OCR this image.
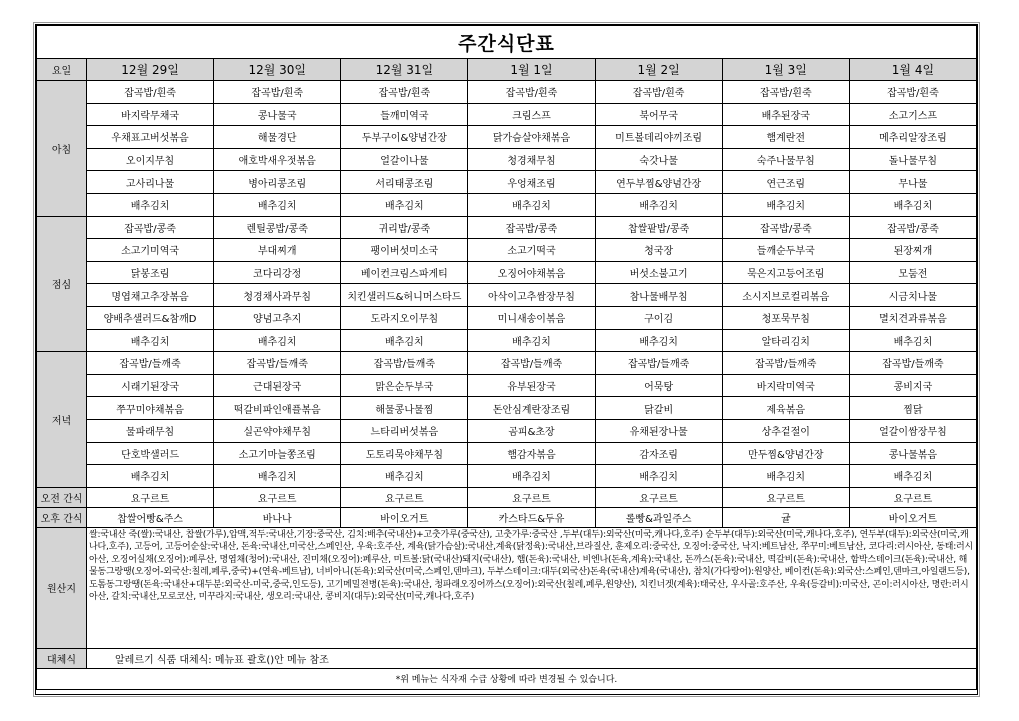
주간식단표							
요일	12월 29일	12월 30일	12월 31일	1월 1일	1월 2일	1월 3일	1월 4일
아침	잡곡밥/흰죽	잡곡밥/흰죽	잡곡밥/흰죽	잡곡밥/흰죽	잡곡밥/흰죽	잡곡밥/흰죽	잡곡밥/흰죽
	바지락무채국	콩나물국	들깨미역국	크림스프	북어무국	배추된장국	소고기스프
	우채표고버섯볶음	해물경단	두부구이&양념간장	닭가슴살야채볶음	미트볼데리야끼조림	햄계란전	메추리알장조림
	오이지무침	애호박새우젓볶음	얼갈이나물	청경채무침	숙갓나물	숙주나물무침	돌나물무침
	고사리나물	병아리콩조림	서리태콩조림	우엉채조림	연두부찜&양념간장	연근조림	무나물
	배추김치	배추김치	배추김치	배추김치	배추김치	배추김치	배추김치
점심	잡곡밥/콩죽	렌틸콩밥/콩죽	귀리밥/콩죽	잡곡밥/콩죽	찹쌀팥밥/콩죽	잡곡밥/콩죽	잡곡밥/콩죽
	소고기미역국	부대찌개	팽이버섯미소국	소고기떡국	청국장	들깨순두부국	된장찌개
	닭봉조림	코다리강정	베이컨크림스파게티	오징어야채볶음	버섯소불고기	묵은지고등어조림	모둠전
	명엽채고추장볶음	청경채사과무침	치킨샐러드&허니머스타드	아삭이고추쌈장무침	참나물배무침	소시지브로컬리볶음	시금치나물
	양배추샐러드&참깨D	양념고추지	도라지오이무침	미니새송이볶음	구이김	청포묵무침	멸치견과류볶음
	배추김치	배추김치	배추김치	배추김치	배추김치	알타리김치	배추김치
저녁	잡곡밥/들깨죽	잡곡밥/들깨죽	잡곡밥/들깨죽	잡곡밥/들깨죽	잡곡밥/들깨죽	잡곡밥/들깨죽	잡곡밥/들깨죽
	시래기된장국	근대된장국	맑은순두부국	유부된장국	어묵탕	바지락미역국	콩비지국
	쭈꾸미야채볶음	떡갈비파인애플볶음	해물콩나물찜	돈안심계란장조림	닭갈비	제육볶음	찜닭
	물파래무침	실곤약야채무침	느타리버섯볶음	곰피&초장	유채된장나물	상추겉절이	얼갈이쌈장무침
	단호박샐러드	소고기마늘쫑조림	도토리묵야채무침	햄감자볶음	감자조림	만두찜&양념간장	콩나물볶음
	배추김치	배추김치	배추김치	배추김치	배추김치	배추김치	배추김치
오전 간식	요구르트	요구르트	요구르트	요구르트	요구르트	요구르트	요구르트
오후 간식	찹쌀어빵&주스	바나나	바이오거트	카스타드&두유	롤빵&과일주스	귤	바이오거트
원산지	쌀:국내산 죽(쌀):국내산, 찹쌀(가루),압맥,적두:국내산,기장:중국산, 김치:배추(국내산)+고춧가루(중국산), 고춧가루:중국산 ,두부(대두):외국산(미국,캐나다,호주) 순두부(대두):외국산(미국,캐나다,호주), 연두부(대두):외국산(미국,캐나다,호주), 고등어, 고등어순살:국내산, 돈육:국내산,미국산,스페인산, 우육:호주산, 계육(닭가슴살):국내산,계육(닭정육):국내산,브라질산, 훈제오리:중국산, 오징어:중국산, 낙지:베트남산, 쭈꾸미:베트남산, 코다리:러시아산, 동태:러시아산, 오징어실채(오징어):페루산, 명엽채(청어):국내산, 진미채(오징어):페루산, 미트볼:닭(국내산)돼지(국내산), 햄(돈육):국내산, 비엔나(돈육,계육):국내산, 돈까스(돈육):국내산, 떡갈비(돈육):국내산, 함박스테이크(돈육):국내산, 해물동그랑땡(오징어-외국산:칠레,페루,중국)+(연육-베트남), 너비아니(돈육):외국산(미국,스페인,덴마크), 두부스테이크:대두(외국산)돈육(국내산)계육(국내산), 참치(가다랑어):원양산, 베이컨(돈육):외국산:스페인,덴마크,아일랜드등), 도톰동그랑땡(돈육:국내산+대두분:외국산-미국,중국,인도등), 고기메밀전병(돈육):국내산, 청파래오징어까스(오징어):외국산(칠레,페루,원양산), 치킨너겟(계육):태국산, 우사골:호주산, 우육(등갈비):미국산, 곤이:러시아산, 명란:러시아산, 갈치:국내산,모로코산, 미꾸라지:국내산, 생오리:국내산, 콩비지(대두):외국산(미국,캐나다,호주)						
대체식	알레르기 식품 대체식: 메뉴표 괄호()안 메뉴 참조						
*위 메뉴는 식자재 수급 상황에 따라 변경될 수 있습니다.							
